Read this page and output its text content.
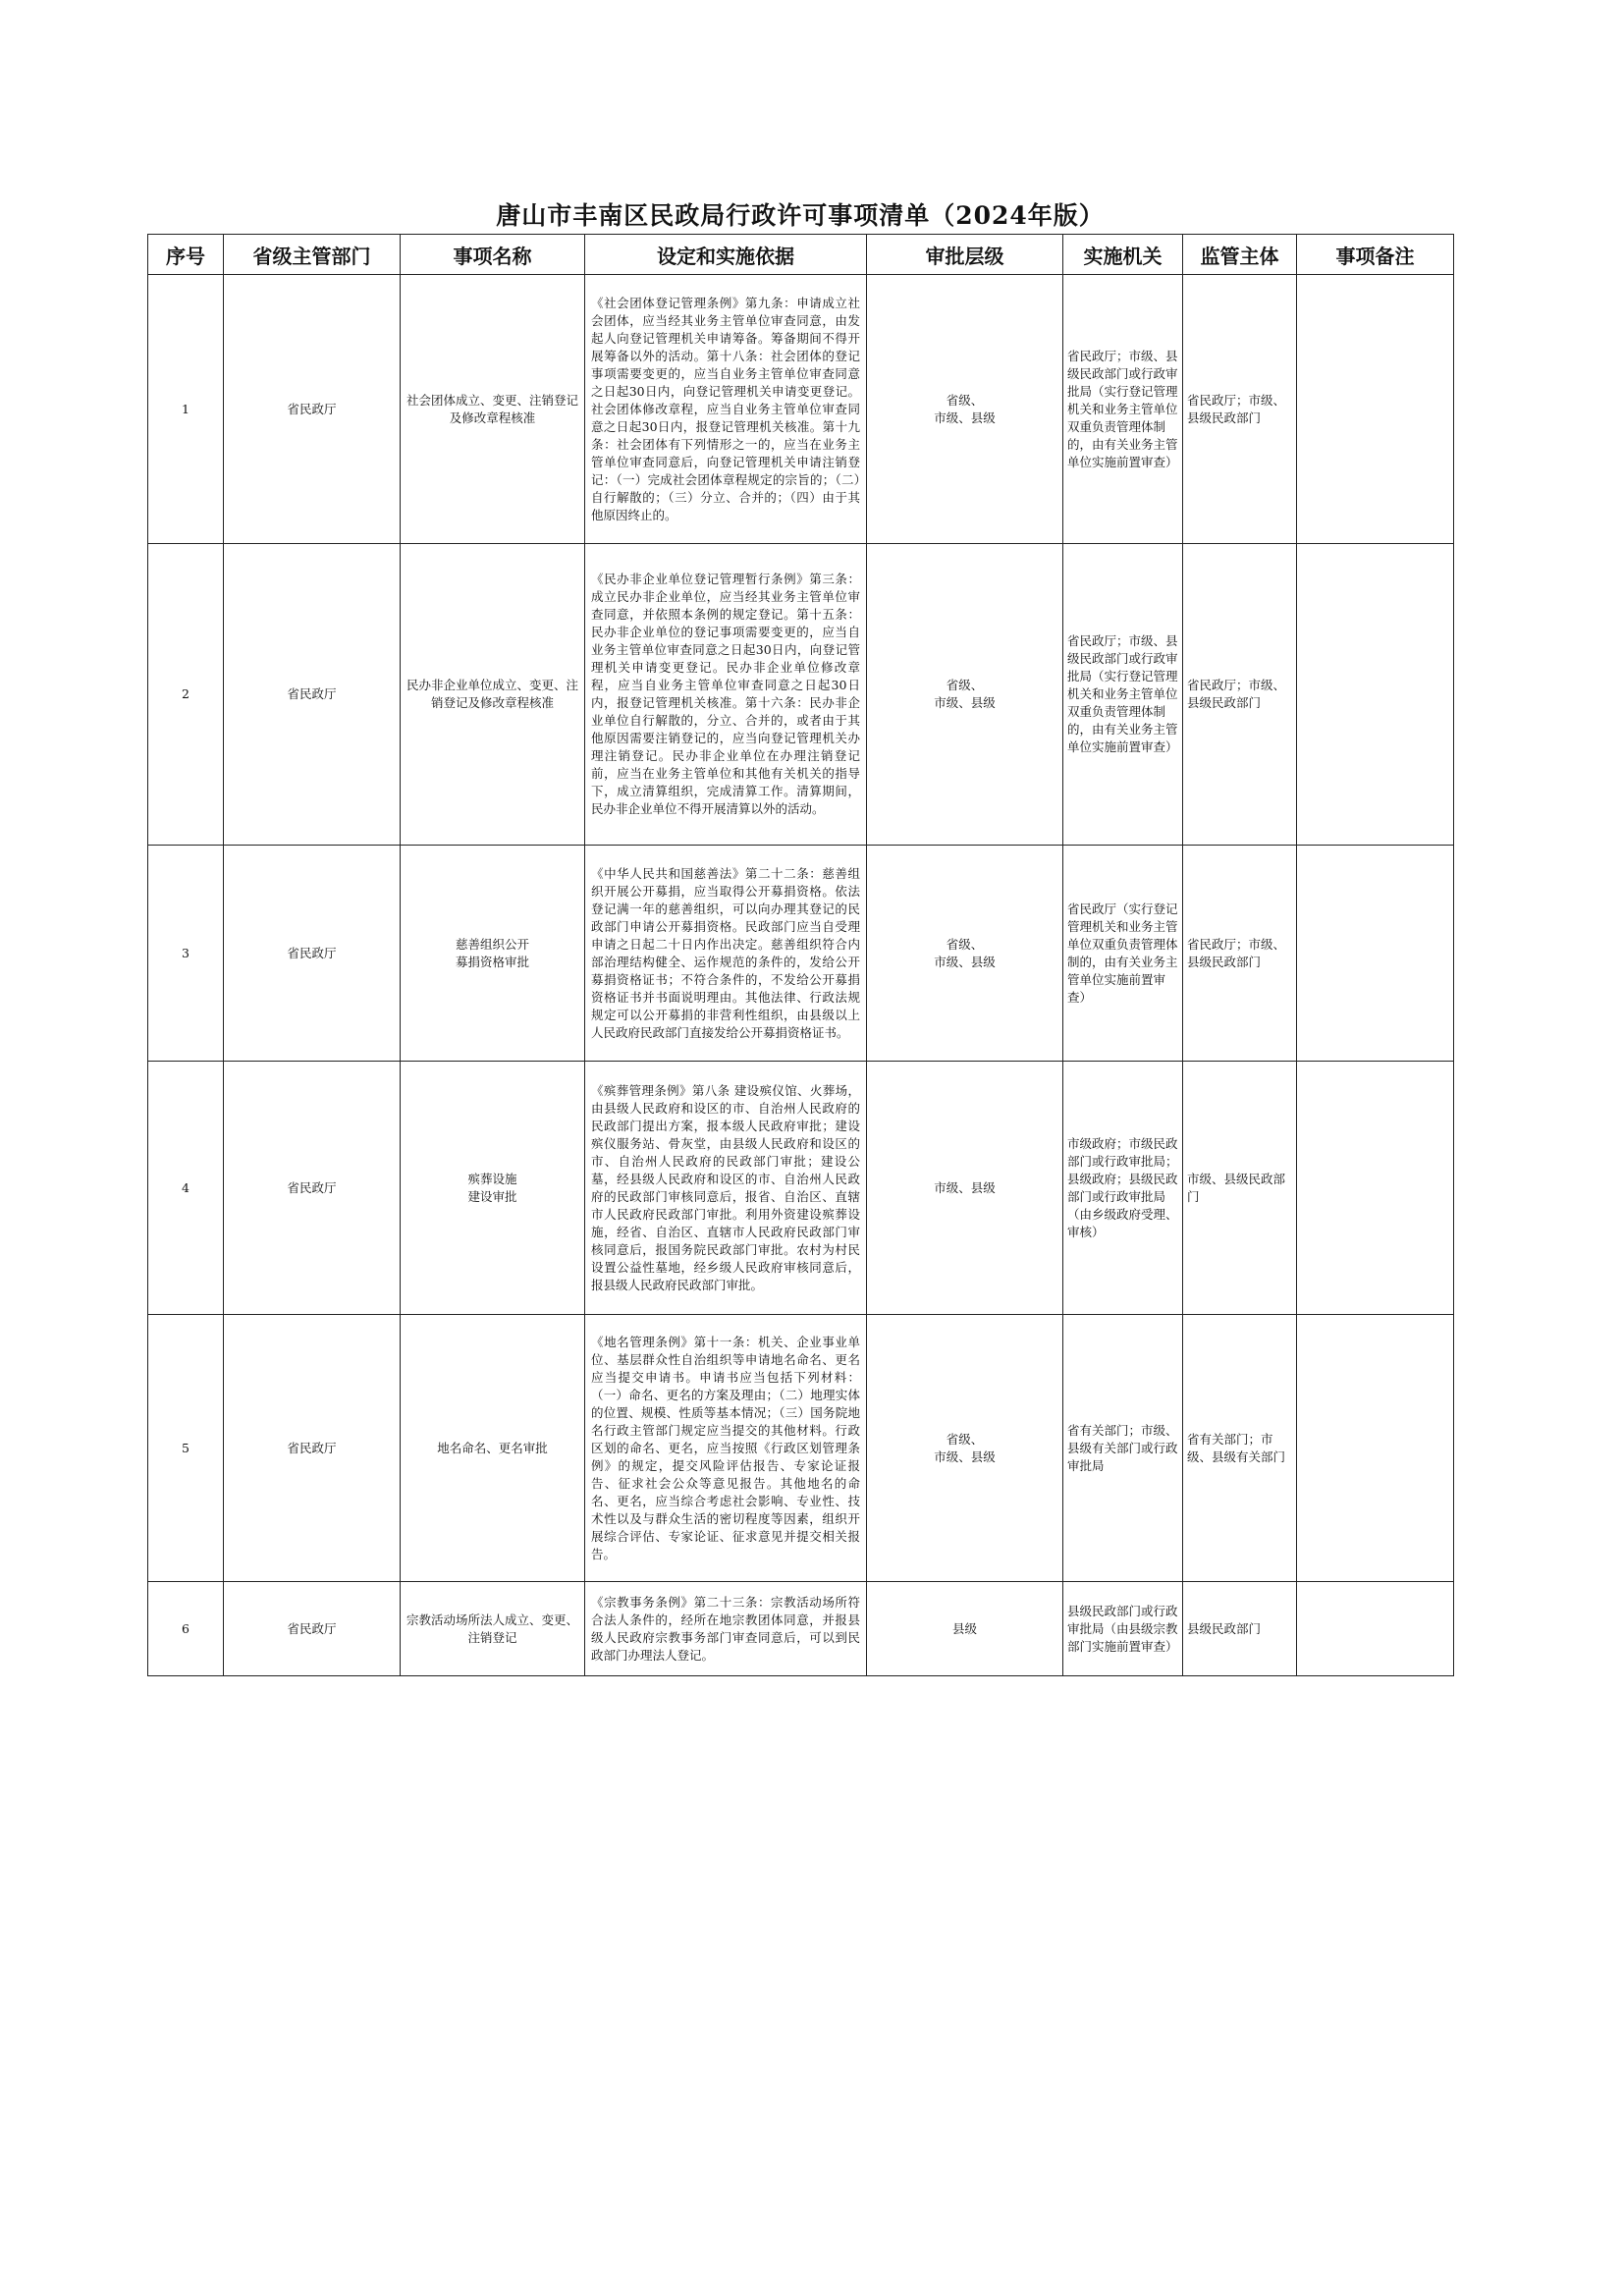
唐山市丰南区民政局行政许可事项清单（2024年版）
序号	省级主管部门	事项名称	设定和实施依据	审批层级	实施机关	监管主体	事项备注
1	省民政厅	社会团体成立、变更、注销登记及修改章程核准	《社会团体登记管理条例》第九条：申请成立社会团体，应当经其业务主管单位审查同意，由发起人向登记管理机关申请筹备。筹备期间不得开展筹备以外的活动。第十八条：社会团体的登记事项需要变更的，应当自业务主管单位审查同意之日起30日内，向登记管理机关申请变更登记。社会团体修改章程，应当自业务主管单位审查同意之日起30日内，报登记管理机关核准。第十九条：社会团体有下列情形之一的，应当在业务主管单位审查同意后，向登记管理机关申请注销登记：（一）完成社会团体章程规定的宗旨的；（二）自行解散的；（三）分立、合并的；（四）由于其他原因终止的。	省级、
市级、县级	省民政厅；市级、县级民政部门或行政审批局（实行登记管理机关和业务主管单位双重负责管理体制的，由有关业务主管单位实施前置审查）	省民政厅；市级、县级民政部门	
2	省民政厅	民办非企业单位成立、变更、注销登记及修改章程核准	《民办非企业单位登记管理暂行条例》第三条：成立民办非企业单位，应当经其业务主管单位审查同意，并依照本条例的规定登记。第十五条：民办非企业单位的登记事项需要变更的，应当自业务主管单位审查同意之日起30日内，向登记管理机关申请变更登记。民办非企业单位修改章程，应当自业务主管单位审查同意之日起30日内，报登记管理机关核准。第十六条：民办非企业单位自行解散的，分立、合并的，或者由于其他原因需要注销登记的，应当向登记管理机关办理注销登记。民办非企业单位在办理注销登记前，应当在业务主管单位和其他有关机关的指导下，成立清算组织，完成清算工作。清算期间，民办非企业单位不得开展清算以外的活动。	省级、
市级、县级	省民政厅；市级、县级民政部门或行政审批局（实行登记管理机关和业务主管单位双重负责管理体制的，由有关业务主管单位实施前置审查）	省民政厅；市级、县级民政部门	
3	省民政厅	慈善组织公开
募捐资格审批	《中华人民共和国慈善法》第二十二条：慈善组织开展公开募捐，应当取得公开募捐资格。依法登记满一年的慈善组织，可以向办理其登记的民政部门申请公开募捐资格。民政部门应当自受理申请之日起二十日内作出决定。慈善组织符合内部治理结构健全、运作规范的条件的，发给公开募捐资格证书；不符合条件的，不发给公开募捐资格证书并书面说明理由。其他法律、行政法规规定可以公开募捐的非营利性组织，由县级以上人民政府民政部门直接发给公开募捐资格证书。	省级、
市级、县级	省民政厅（实行登记管理机关和业务主管单位双重负责管理体制的，由有关业务主管单位实施前置审查）	省民政厅；市级、县级民政部门	
4	省民政厅	殡葬设施
建设审批	《殡葬管理条例》第八条 建设殡仪馆、火葬场，由县级人民政府和设区的市、自治州人民政府的民政部门提出方案，报本级人民政府审批；建设殡仪服务站、骨灰堂，由县级人民政府和设区的市、自治州人民政府的民政部门审批；建设公墓，经县级人民政府和设区的市、自治州人民政府的民政部门审核同意后，报省、自治区、直辖市人民政府民政部门审批。利用外资建设殡葬设施，经省、自治区、直辖市人民政府民政部门审核同意后，报国务院民政部门审批。农村为村民设置公益性墓地，经乡级人民政府审核同意后，报县级人民政府民政部门审批。	市级、县级	市级政府；市级民政部门或行政审批局；县级政府；县级民政部门或行政审批局（由乡级政府受理、审核）	市级、县级民政部门	
5	省民政厅	地名命名、更名审批	《地名管理条例》第十一条：机关、企业事业单位、基层群众性自治组织等申请地名命名、更名应当提交申请书。申请书应当包括下列材料：（一）命名、更名的方案及理由；（二）地理实体的位置、规模、性质等基本情况；（三）国务院地名行政主管部门规定应当提交的其他材料。行政区划的命名、更名，应当按照《行政区划管理条例》的规定，提交风险评估报告、专家论证报告、征求社会公众等意见报告。其他地名的命名、更名，应当综合考虑社会影响、专业性、技术性以及与群众生活的密切程度等因素，组织开展综合评估、专家论证、征求意见并提交相关报告。	省级、
市级、县级	省有关部门；市级、县级有关部门或行政审批局	省有关部门；市级、县级有关部门	
6	省民政厅	宗教活动场所法人成立、变更、注销登记	《宗教事务条例》第二十三条：宗教活动场所符合法人条件的，经所在地宗教团体同意，并报县级人民政府宗教事务部门审查同意后，可以到民政部门办理法人登记。	县级	县级民政部门或行政审批局（由县级宗教部门实施前置审查）	县级民政部门	
